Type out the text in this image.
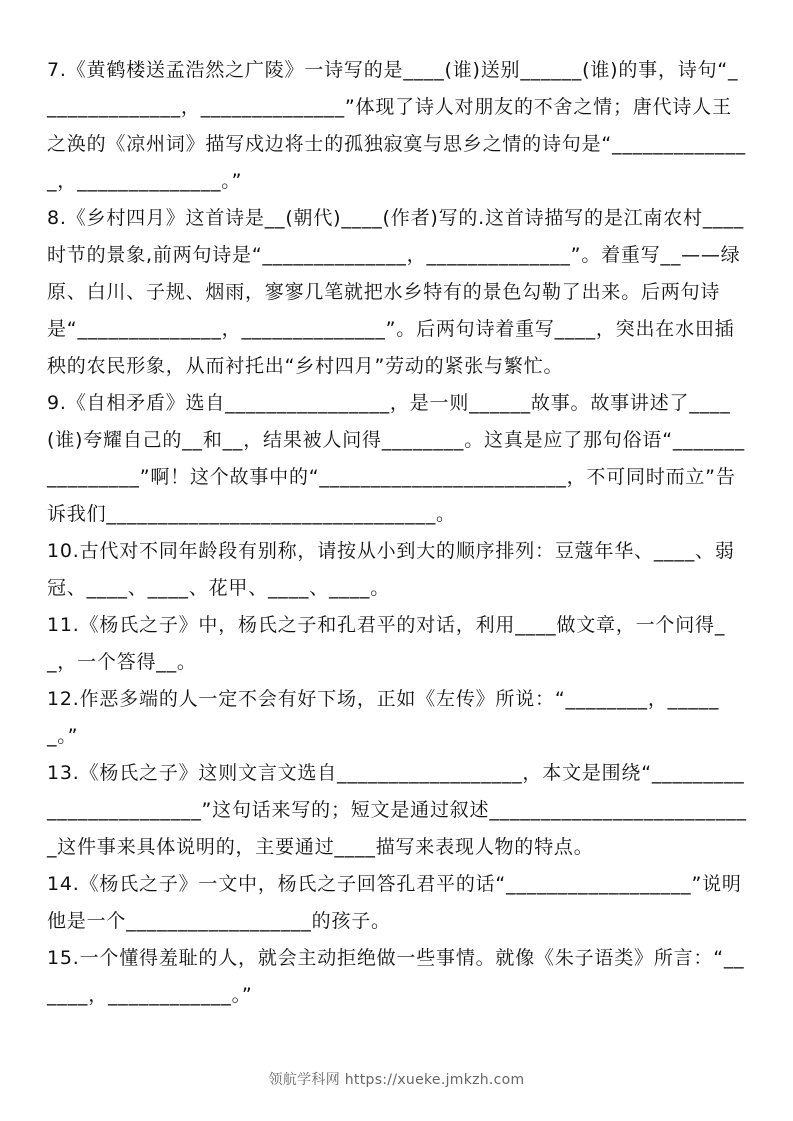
7.《黄鹤楼送孟浩然之广陵》一诗写的是____(谁)送别______(谁)的事，诗句“______________，______________”体现了诗人对朋友的不舍之情；唐代诗人王之涣的《凉州词》描写戍边将士的孤独寂寞与思乡之情的诗句是“______________，______________。”

8.《乡村四月》这首诗是__(朝代)____(作者)写的.这首诗描写的是江南农村____时节的景象,前两句诗是“______________，______________”。着重写__——绿原、白川、子规、烟雨，寥寥几笔就把水乡特有的景色勾勒了出来。后两句诗是“______________，______________”。后两句诗着重写____，突出在水田插秧的农民形象，从而衬托出“乡村四月”劳动的紧张与繁忙。

9.《自相矛盾》选自________________，是一则______故事。故事讲述了____(谁)夸耀自己的__和__，结果被人问得________。这真是应了那句俗语“________________”啊！这个故事中的“________________________，不可同时而立”告诉我们________________________________。

10.古代对不同年龄段有别称，请按从小到大的顺序排列：豆蔻年华、____、弱冠、____、____、花甲、____、____。

11.《杨氏之子》中，杨氏之子和孔君平的对话，利用____做文章，一个问得__，一个答得__。

12.作恶多端的人一定不会有好下场，正如《左传》所说：“________，______。”

13.《杨氏之子》这则文言文选自__________________，本文是围绕“________________________”这句话来写的；短文是通过叙述__________________________这件事来具体说明的，主要通过____描写来表现人物的特点。

14.《杨氏之子》一文中，杨氏之子回答孔君平的话“__________________”说明他是一个__________________的孩子。

15.一个懂得羞耻的人，就会主动拒绝做一些事情。就像《朱子语类》所言：“______，____________。”

领航学科网 https://xueke.jmkzh.com
